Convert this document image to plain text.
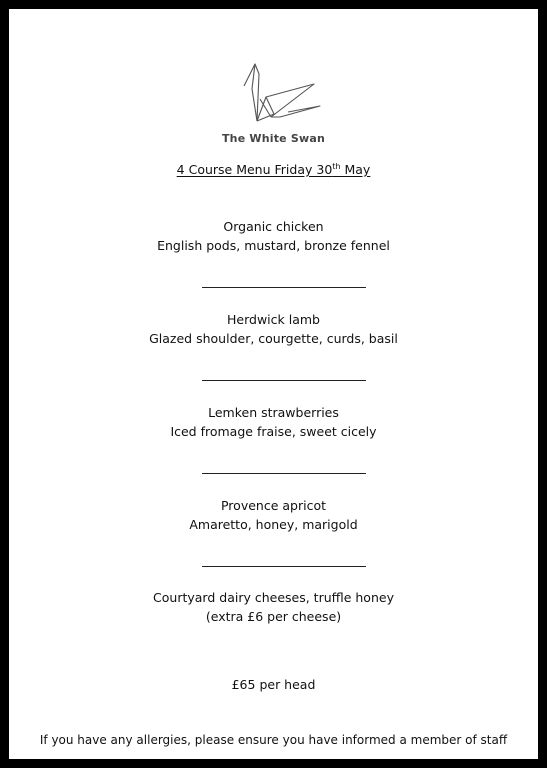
The White Swan
4 Course Menu Friday 30th May
Organic chicken
English pods, mustard, bronze fennel
Herdwick lamb
Glazed shoulder, courgette, curds, basil
Lemken strawberries
Iced fromage fraise, sweet cicely
Provence apricot
Amaretto, honey, marigold
Courtyard dairy cheeses, truffle honey
(extra £6 per cheese)
£65 per head
If you have any allergies, please ensure you have informed a member of staff
